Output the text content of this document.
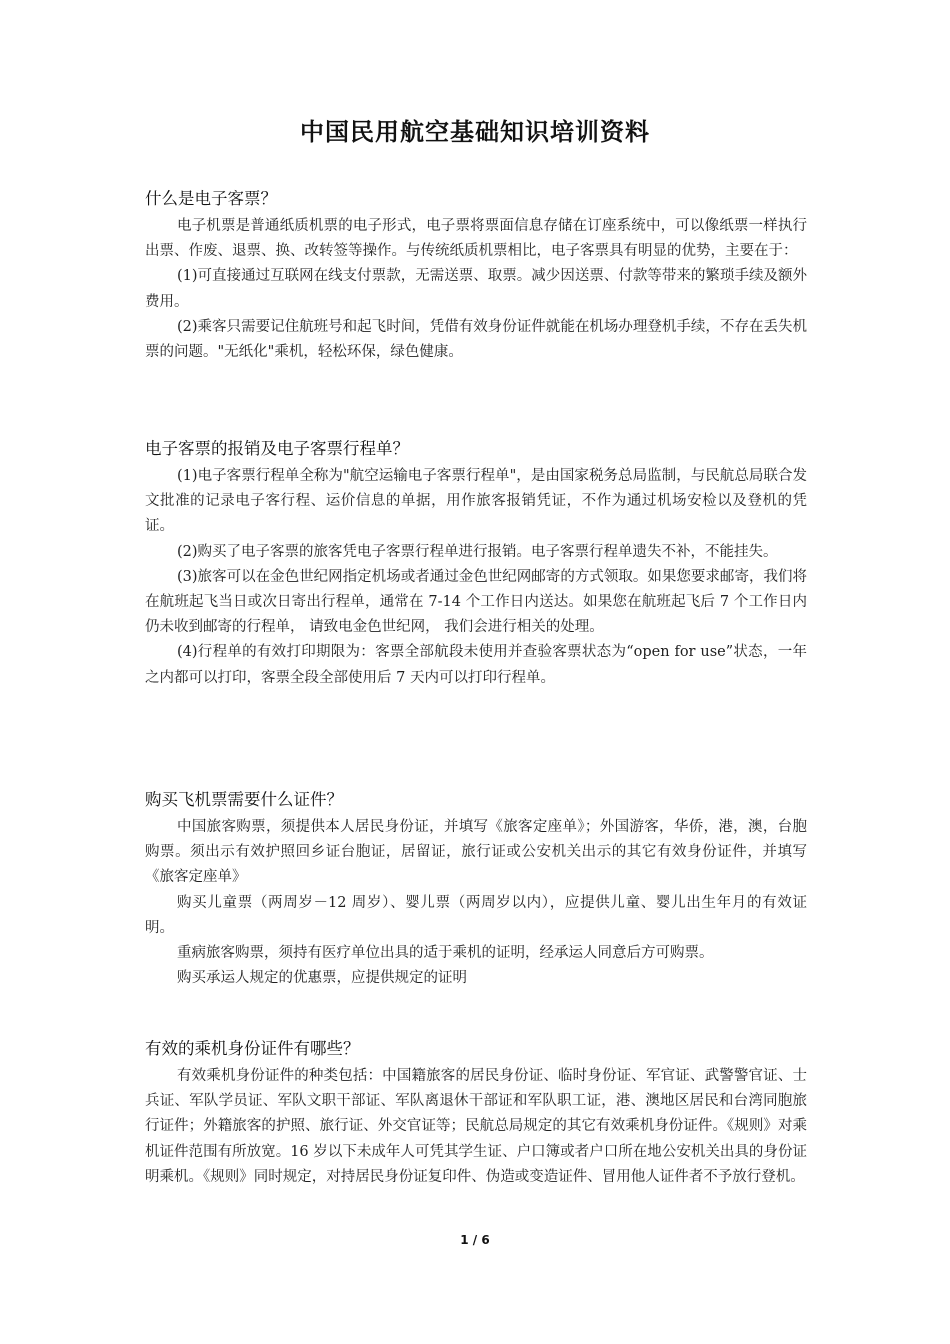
中国民用航空基础知识培训资料
什么是电子客票？

电子机票是普通纸质机票的电子形式，电子票将票面信息存储在订座系统中，可以像纸票一样执行出票、作废、退票、换、改转签等操作。与传统纸质机票相比，电子客票具有明显的优势，主要在于：

(1)可直接通过互联网在线支付票款，无需送票、取票。减少因送票、付款等带来的繁琐手续及额外费用。

(2)乘客只需要记住航班号和起飞时间，凭借有效身份证件就能在机场办理登机手续，不存在丢失机票的问题。"无纸化"乘机，轻松环保，绿色健康。

电子客票的报销及电子客票行程单？

(1)电子客票行程单全称为"航空运输电子客票行程单"，是由国家税务总局监制，与民航总局联合发文批准的记录电子客行程、运价信息的单据，用作旅客报销凭证，不作为通过机场安检以及登机的凭证。

(2)购买了电子客票的旅客凭电子客票行程单进行报销。电子客票行程单遗失不补，不能挂失。

(3)旅客可以在金色世纪网指定机场或者通过金色世纪网邮寄的方式领取。如果您要求邮寄，我们将在航班起飞当日或次日寄出行程单，通常在 7-14 个工作日内送达。如果您在航班起飞后 7 个工作日内仍未收到邮寄的行程单， 请致电金色世纪网， 我们会进行相关的处理。

(4)行程单的有效打印期限为：客票全部航段未使用并查验客票状态为“open for use”状态，一年之内都可以打印，客票全段全部使用后 7 天内可以打印行程单。

购买飞机票需要什么证件？

中国旅客购票，须提供本人居民身份证，并填写《旅客定座单》；外国游客，华侨，港，澳，台胞购票。须出示有效护照回乡证台胞证，居留证，旅行证或公安机关出示的其它有效身份证件，并填写《旅客定座单》

购买儿童票（两周岁－12 周岁）、婴儿票（两周岁以内），应提供儿童、婴儿出生年月的有效证明。

重病旅客购票，须持有医疗单位出具的适于乘机的证明，经承运人同意后方可购票。

购买承运人规定的优惠票，应提供规定的证明

有效的乘机身份证件有哪些？

有效乘机身份证件的种类包括：中国籍旅客的居民身份证、临时身份证、军官证、武警警官证、士兵证、军队学员证、军队文职干部证、军队离退休干部证和军队职工证，港、澳地区居民和台湾同胞旅行证件；外籍旅客的护照、旅行证、外交官证等；民航总局规定的其它有效乘机身份证件。《规则》对乘机证件范围有所放宽。16 岁以下未成年人可凭其学生证、户口簿或者户口所在地公安机关出具的身份证明乘机。《规则》同时规定，对持居民身份证复印件、伪造或变造证件、冒用他人证件者不予放行登机。

1 / 6
